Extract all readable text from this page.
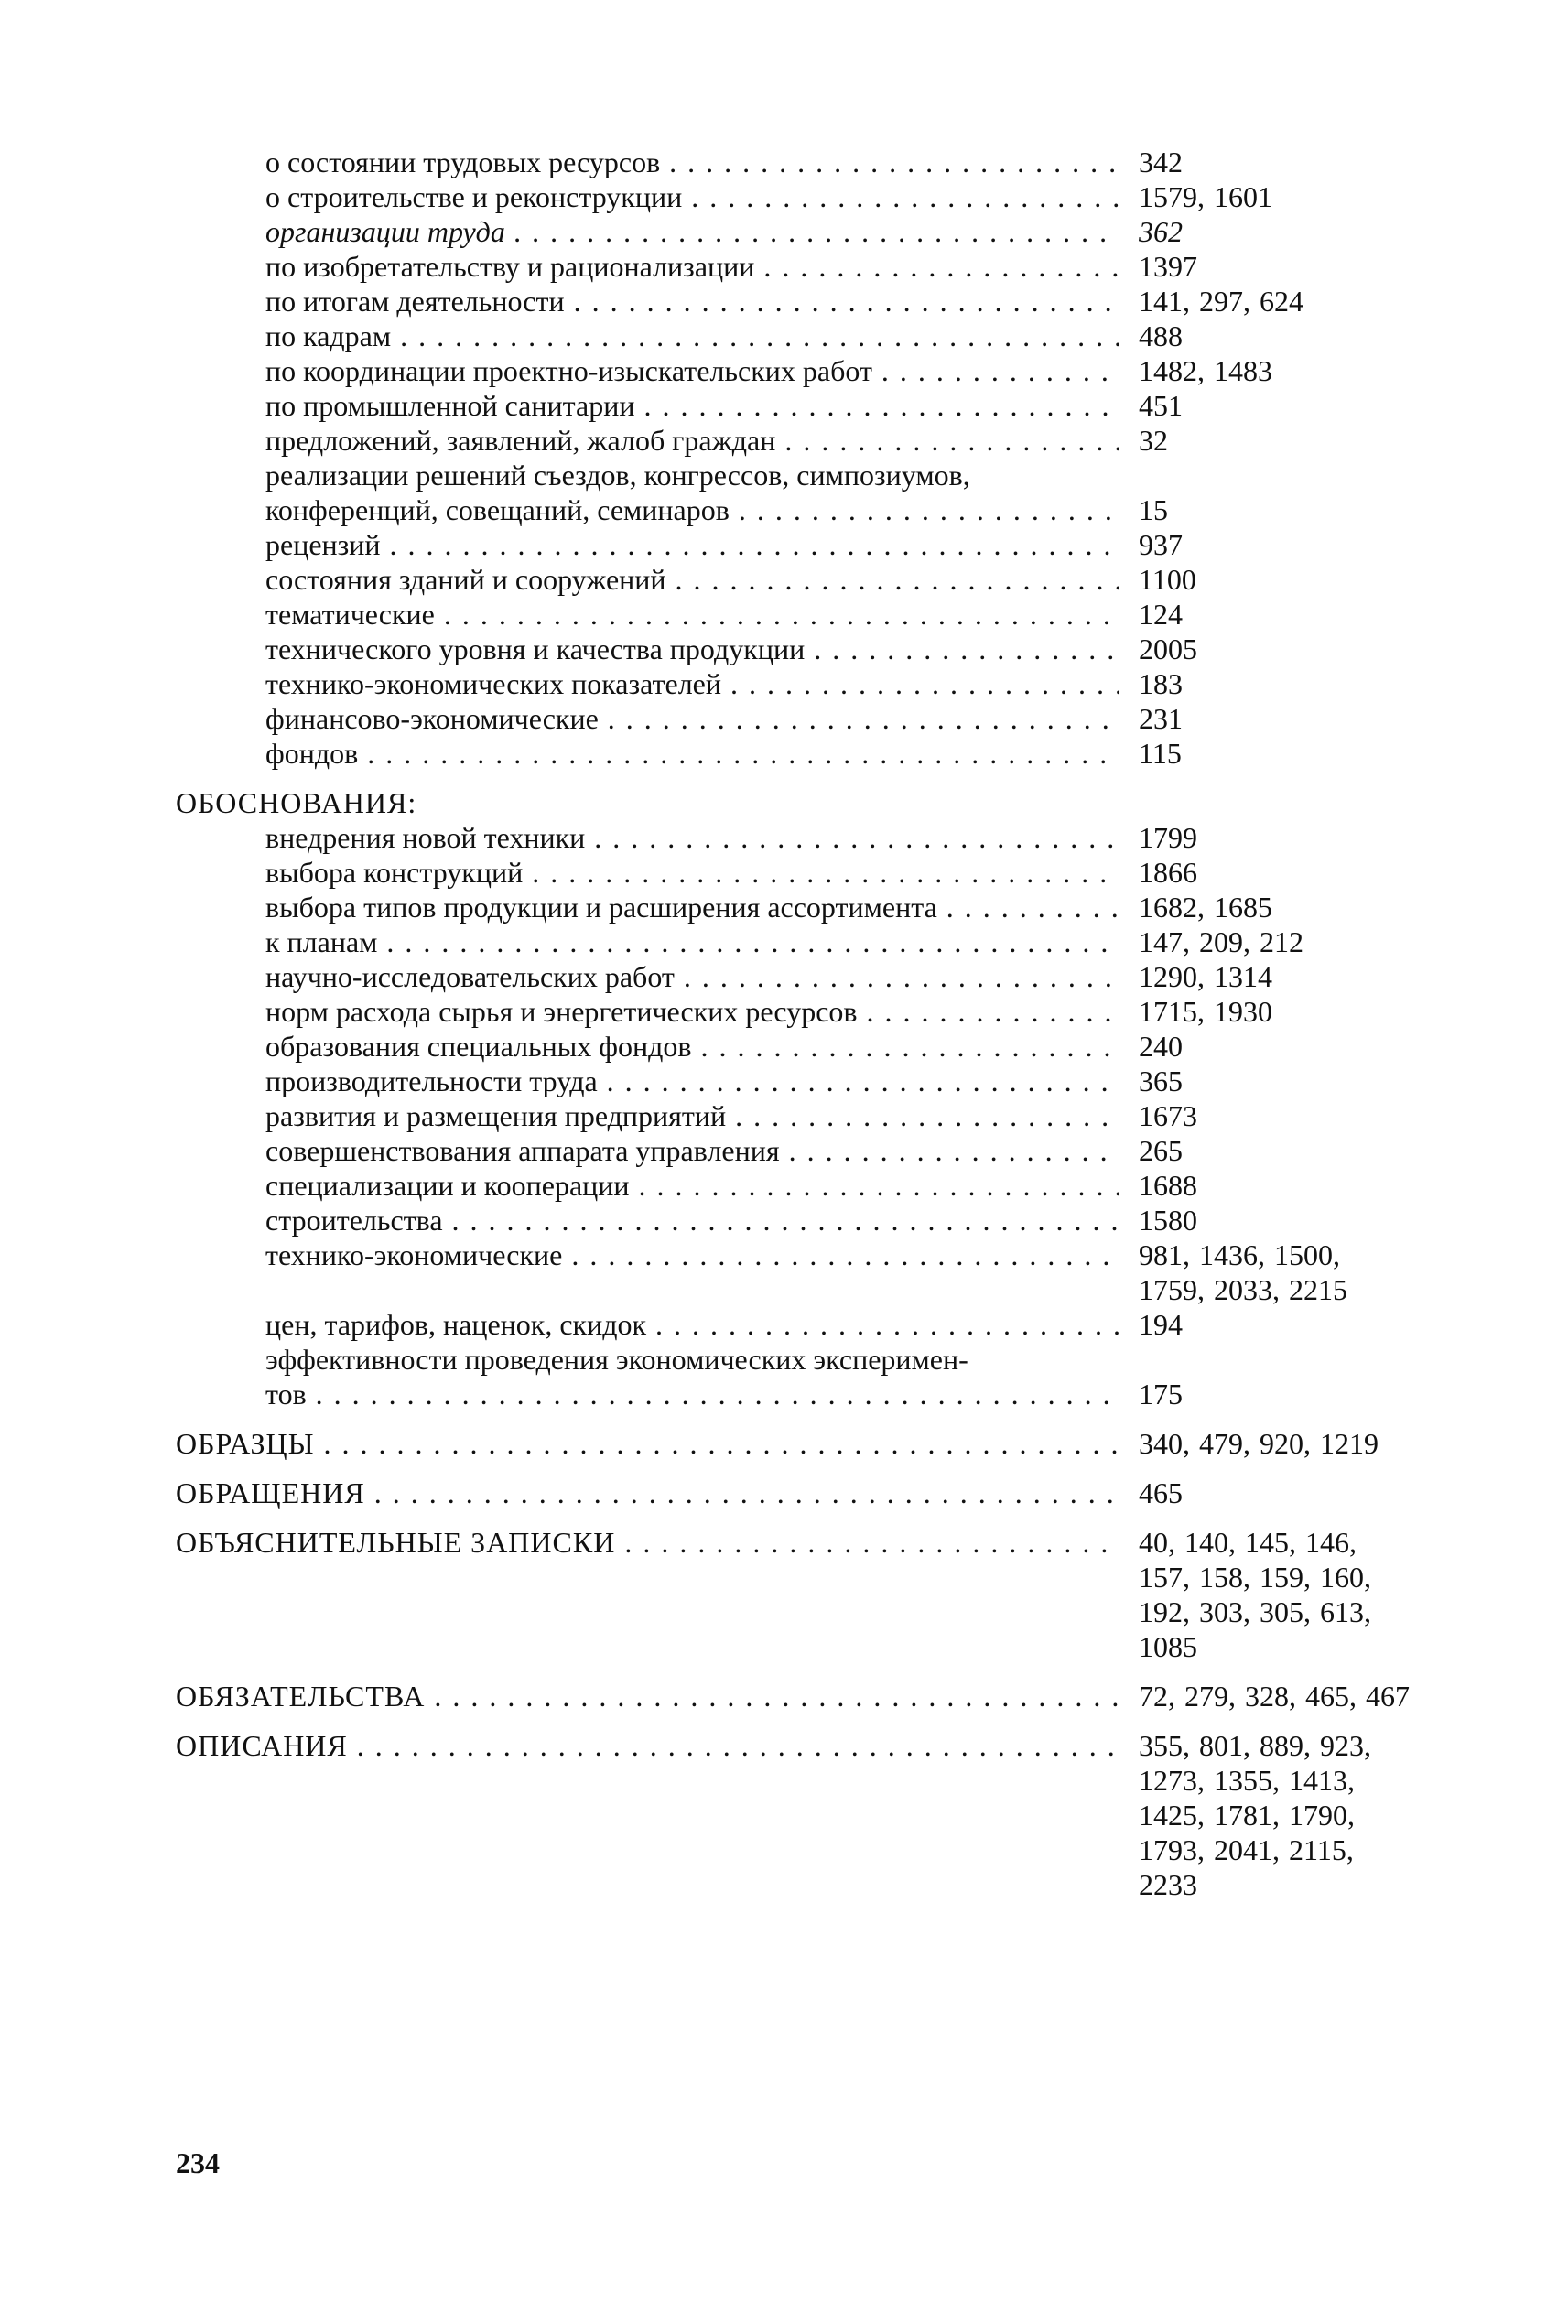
о состоянии трудовых ресурсов . . .	342
о строительстве и реконструкции . . .	1579, 1601
организации труда . . .	362
по изобретательству и рационализации . . .	1397
по итогам деятельности . . .	141, 297, 624
по кадрам . . .	488
по координации проектно-изыскательских работ . . .	1482, 1483
по промышленной санитарии . . .	451
предложений, заявлений, жалоб граждан . . .	32
реализации решений съездов, конгрессов, симпозиумов,
конференций, совещаний, семинаров . . .	15
рецензий . . .	937
состояния зданий и сооружений . . .	1100
тематические . . .	124
технического уровня и качества продукции . . .	2005
технико-экономических показателей . . .	183
финансово-экономические . . .	231
фондов . . .	115
ОБОСНОВАНИЯ:
внедрения новой техники . . .	1799
выбора конструкций . . .	1866
выбора типов продукции и расширения ассортимента . . .	1682, 1685
к планам . . .	147, 209, 212
научно-исследовательских работ . . .	1290, 1314
норм расхода сырья и энергетических ресурсов . . .	1715, 1930
образования специальных фондов . . .	240
производительности труда . . .	365
развития и размещения предприятий . . .	1673
совершенствования аппарата управления . . .	265
специализации и кооперации . . .	1688
строительства . . .	1580
технико-экономические . . .	981, 1436, 1500, 1759, 2033, 2215
цен, тарифов, наценок, скидок . . .	194
эффективности проведения экономических эксперимен-
тов . . .	175
ОБРАЗЦЫ . . .	340, 479, 920, 1219
ОБРАЩЕНИЯ . . .	465
ОБЪЯСНИТЕЛЬНЫЕ ЗАПИСКИ . . .	40, 140, 145, 146, 157, 158, 159, 160, 192, 303, 305, 613, 1085
ОБЯЗАТЕЛЬСТВА . . .	72, 279, 328, 465, 467
ОПИСАНИЯ . . .	355, 801, 889, 923, 1273, 1355, 1413, 1425, 1781, 1790, 1793, 2041, 2115, 2233
234
